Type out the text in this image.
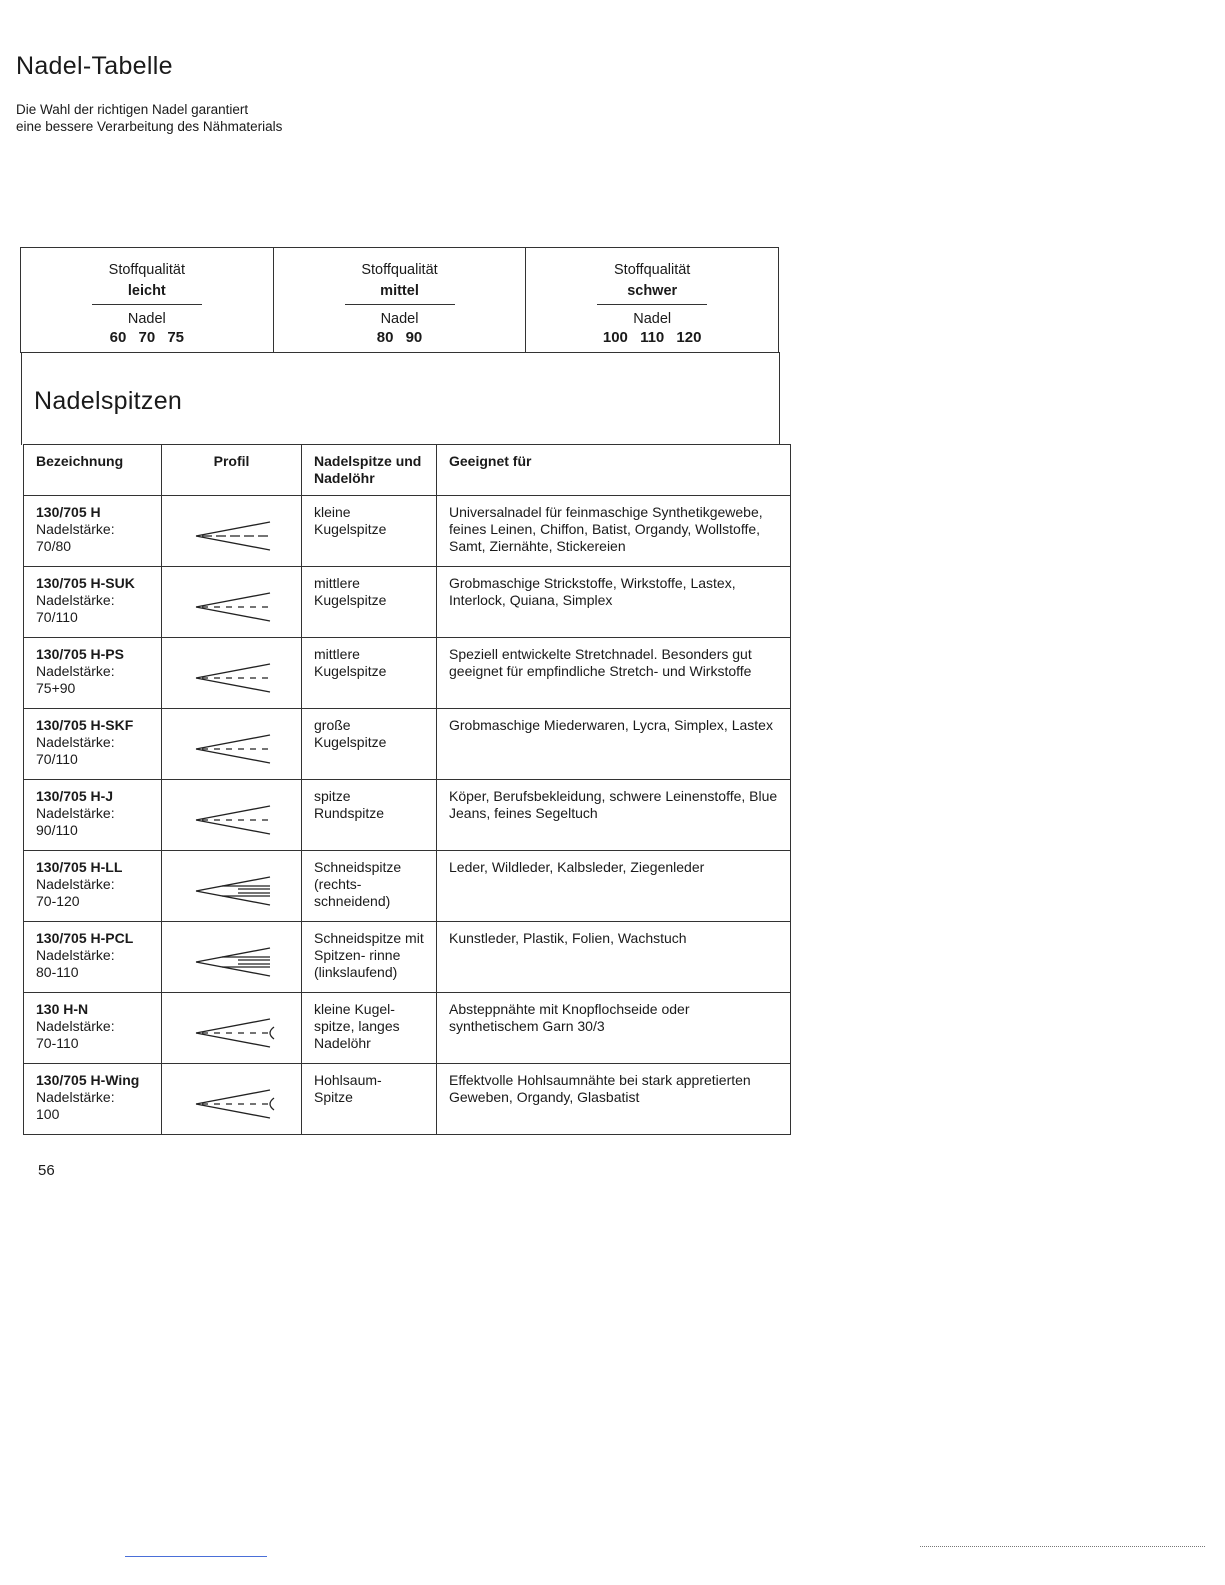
Nadel-Tabelle
Die Wahl der richtigen Nadel garantiert
eine bessere Verarbeitung des Nähmaterials
Stoffqualität
leicht
Nadel
60 70 75
Stoffqualität
mittel
Nadel
80 90
Stoffqualität
schwer
Nadel
100 110 120
Nadelspitzen
Bezeichnung	Profil	Nadelspitze und Nadelöhr	Geeignet für

130/705 H
Nadelstärke:
70/80		kleine Kugelspitze	Universalnadel für feinmaschige Synthetikgewebe, feines Leinen, Chiffon, Batist, Organdy, Wollstoffe, Samt, Ziernähte, Stickereien

130/705 H-SUK
Nadelstärke:
70/110		mittlere Kugelspitze	Grobmaschige Strickstoffe, Wirkstoffe, Lastex, Interlock, Quiana, Simplex

130/705 H-PS
Nadelstärke:
75+90		mittlere Kugelspitze	Speziell entwickelte Stretchnadel. Besonders gut geeignet für empfindliche Stretch- und Wirkstoffe

130/705 H-SKF
Nadelstärke:
70/110		große Kugelspitze	Grobmaschige Miederwaren, Lycra, Simplex, Lastex

130/705 H-J
Nadelstärke:
90/110		spitze Rundspitze	Köper, Berufsbekleidung, schwere Leinenstoffe, Blue Jeans, feines Segeltuch

130/705 H-LL
Nadelstärke:
70-120		Schneidspitze (rechts- schneidend)	Leder, Wildleder, Kalbsleder, Ziegenleder

130/705 H-PCL
Nadelstärke:
80-110		Schneidspitze mit Spitzen- rinne (linkslaufend)	Kunstleder, Plastik, Folien, Wachstuch

130 H-N
Nadelstärke:
70-110		kleine Kugel- spitze, langes Nadelöhr	Absteppnähte mit Knopflochseide oder synthetischem Garn 30/3

130/705 H-Wing
Nadelstärke:
100		Hohlsaum- Spitze	Effektvolle Hohlsaumnähte bei stark appretierten Geweben, Organdy, Glasbatist
56
